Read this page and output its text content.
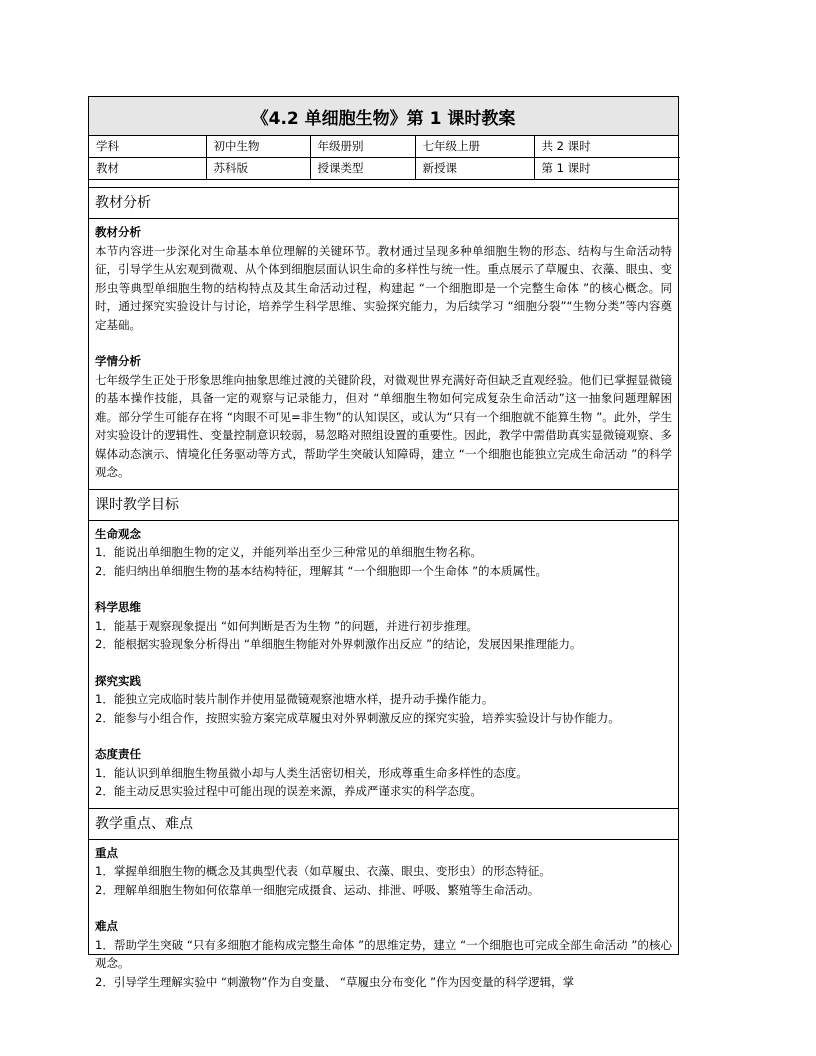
《4.2 单细胞生物》第 1 课时教案
学科	初中生物	年级册别	七年级上册	共 2 课时
教材	苏科版	授课类型	新授课	第 1 课时
教材分析
教材分析

本节内容进一步深化对生命基本单位理解的关键环节。教材通过呈现多种单细胞生物的形态、结构与生命活动特征，引导学生从宏观到微观、从个体到细胞层面认识生命的多样性与统一性。重点展示了草履虫、衣藻、眼虫、变形虫等典型单细胞生物的结构特点及其生命活动过程，构建起 “一个细胞即是一个完整生命体 ”的核心概念。同时，通过探究实验设计与讨论，培养学生科学思维、实验探究能力，为后续学习 “细胞分裂”“生物分类”等内容奠定基础。

学情分析

七年级学生正处于形象思维向抽象思维过渡的关键阶段，对微观世界充满好奇但缺乏直观经验。他们已掌握显微镜的基本操作技能，具备一定的观察与记录能力，但对 “单细胞生物如何完成复杂生命活动”这一抽象问题理解困难。部分学生可能存在将 “肉眼不可见=非生物”的认知误区，或认为“只有一个细胞就不能算生物 ”。此外，学生对实验设计的逻辑性、变量控制意识较弱，易忽略对照组设置的重要性。因此，教学中需借助真实显微镜观察、多媒体动态演示、情境化任务驱动等方式，帮助学生突破认知障碍，建立 “一个细胞也能独立完成生命活动 ”的科学观念。

课时教学目标
生命观念

1．能说出单细胞生物的定义，并能列举出至少三种常见的单细胞生物名称。

2．能归纳出单细胞生物的基本结构特征，理解其 “一个细胞即一个生命体 ”的本质属性。

科学思维

1．能基于观察现象提出 “如何判断是否为生物 ”的问题，并进行初步推理。

2．能根据实验现象分析得出 “单细胞生物能对外界刺激作出反应 ”的结论，发展因果推理能力。

探究实践

1．能独立完成临时装片制作并使用显微镜观察池塘水样，提升动手操作能力。

2．能参与小组合作，按照实验方案完成草履虫对外界刺激反应的探究实验，培养实验设计与协作能力。

态度责任

1．能认识到单细胞生物虽微小却与人类生活密切相关，形成尊重生命多样性的态度。

2．能主动反思实验过程中可能出现的误差来源，养成严谨求实的科学态度。

教学重点、难点
重点

1．掌握单细胞生物的概念及其典型代表（如草履虫、衣藻、眼虫、变形虫）的形态特征。

2．理解单细胞生物如何依靠单一细胞完成摄食、运动、排泄、呼吸、繁殖等生命活动。

难点

1．帮助学生突破 “只有多细胞才能构成完整生命体 ”的思维定势，建立 “一个细胞也可完成全部生命活动 ”的核心观念。

2．引导学生理解实验中 “刺激物”作为自变量、 “草履虫分布变化 ”作为因变量的科学逻辑，掌
